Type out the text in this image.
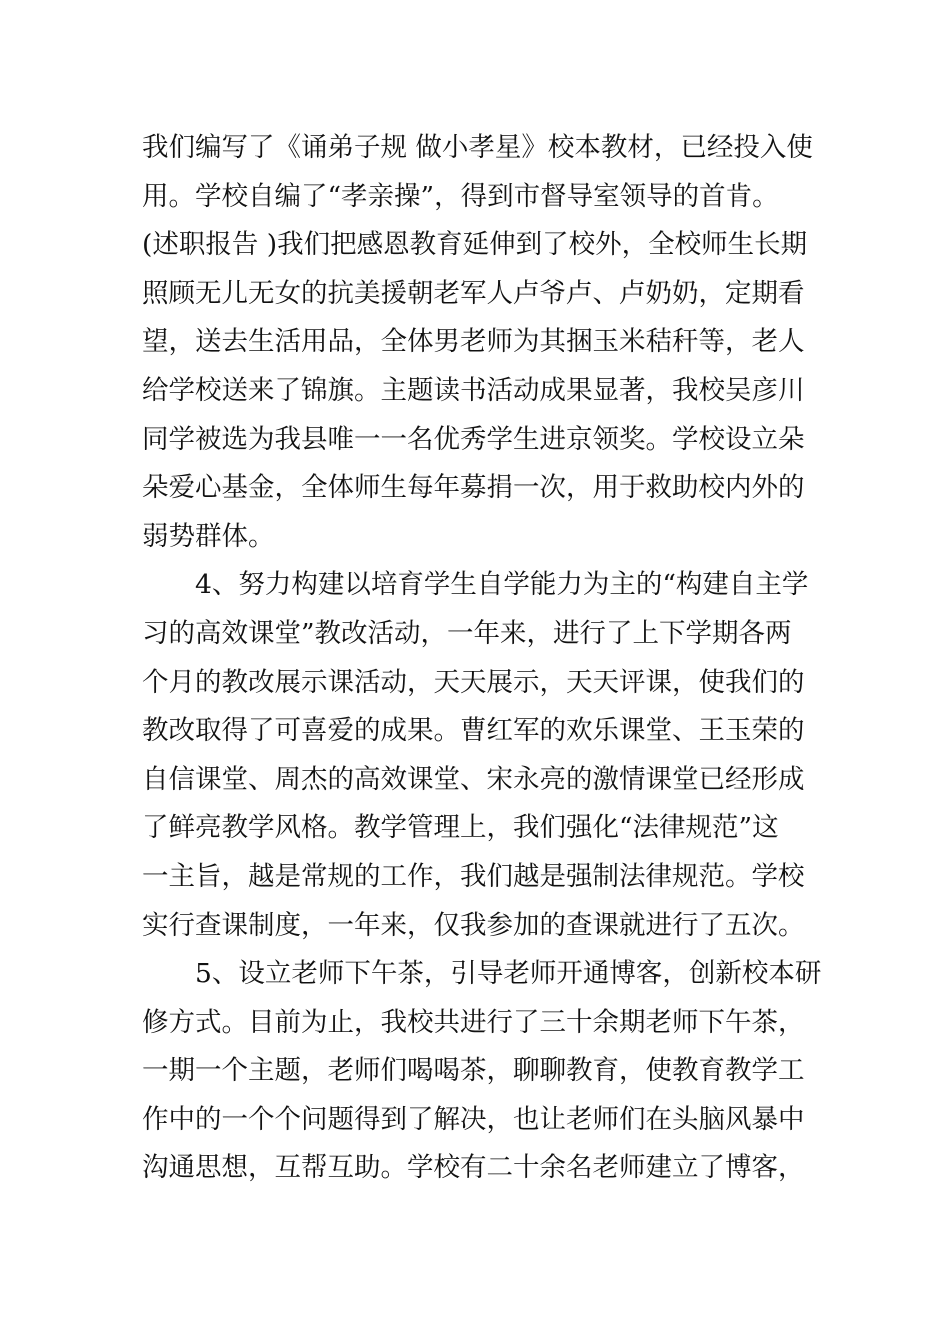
我们编写了《诵弟子规 做小孝星》校本教材，已经投入使
用。学校自编了“孝亲操”，得到市督导室领导的首肯。
(述职报告 )我们把感恩教育延伸到了校外，全校师生长期
照顾无儿无女的抗美援朝老军人卢爷卢、卢奶奶，定期看
望，送去生活用品，全体男老师为其捆玉米秸秆等，老人
给学校送来了锦旗。主题读书活动成果显著，我校吴彦川
同学被选为我县唯一一名优秀学生进京领奖。学校设立朵
朵爱心基金，全体师生每年募捐一次，用于救助校内外的
弱势群体。
4、努力构建以培育学生自学能力为主的“构建自主学
习的高效课堂”教改活动，一年来，进行了上下学期各两
个月的教改展示课活动，天天展示，天天评课，使我们的
教改取得了可喜爱的成果。曹红军的欢乐课堂、王玉荣的
自信课堂、周杰的高效课堂、宋永亮的激情课堂已经形成
了鲜亮教学风格。教学管理上，我们强化“法律规范”这
一主旨，越是常规的工作，我们越是强制法律规范。学校
实行查课制度，一年来，仅我参加的查课就进行了五次。
5、设立老师下午茶，引导老师开通博客，创新校本研
修方式。目前为止，我校共进行了三十余期老师下午茶，
一期一个主题，老师们喝喝茶，聊聊教育，使教育教学工
作中的一个个问题得到了解决，也让老师们在头脑风暴中
沟通思想，互帮互助。学校有二十余名老师建立了博客，
